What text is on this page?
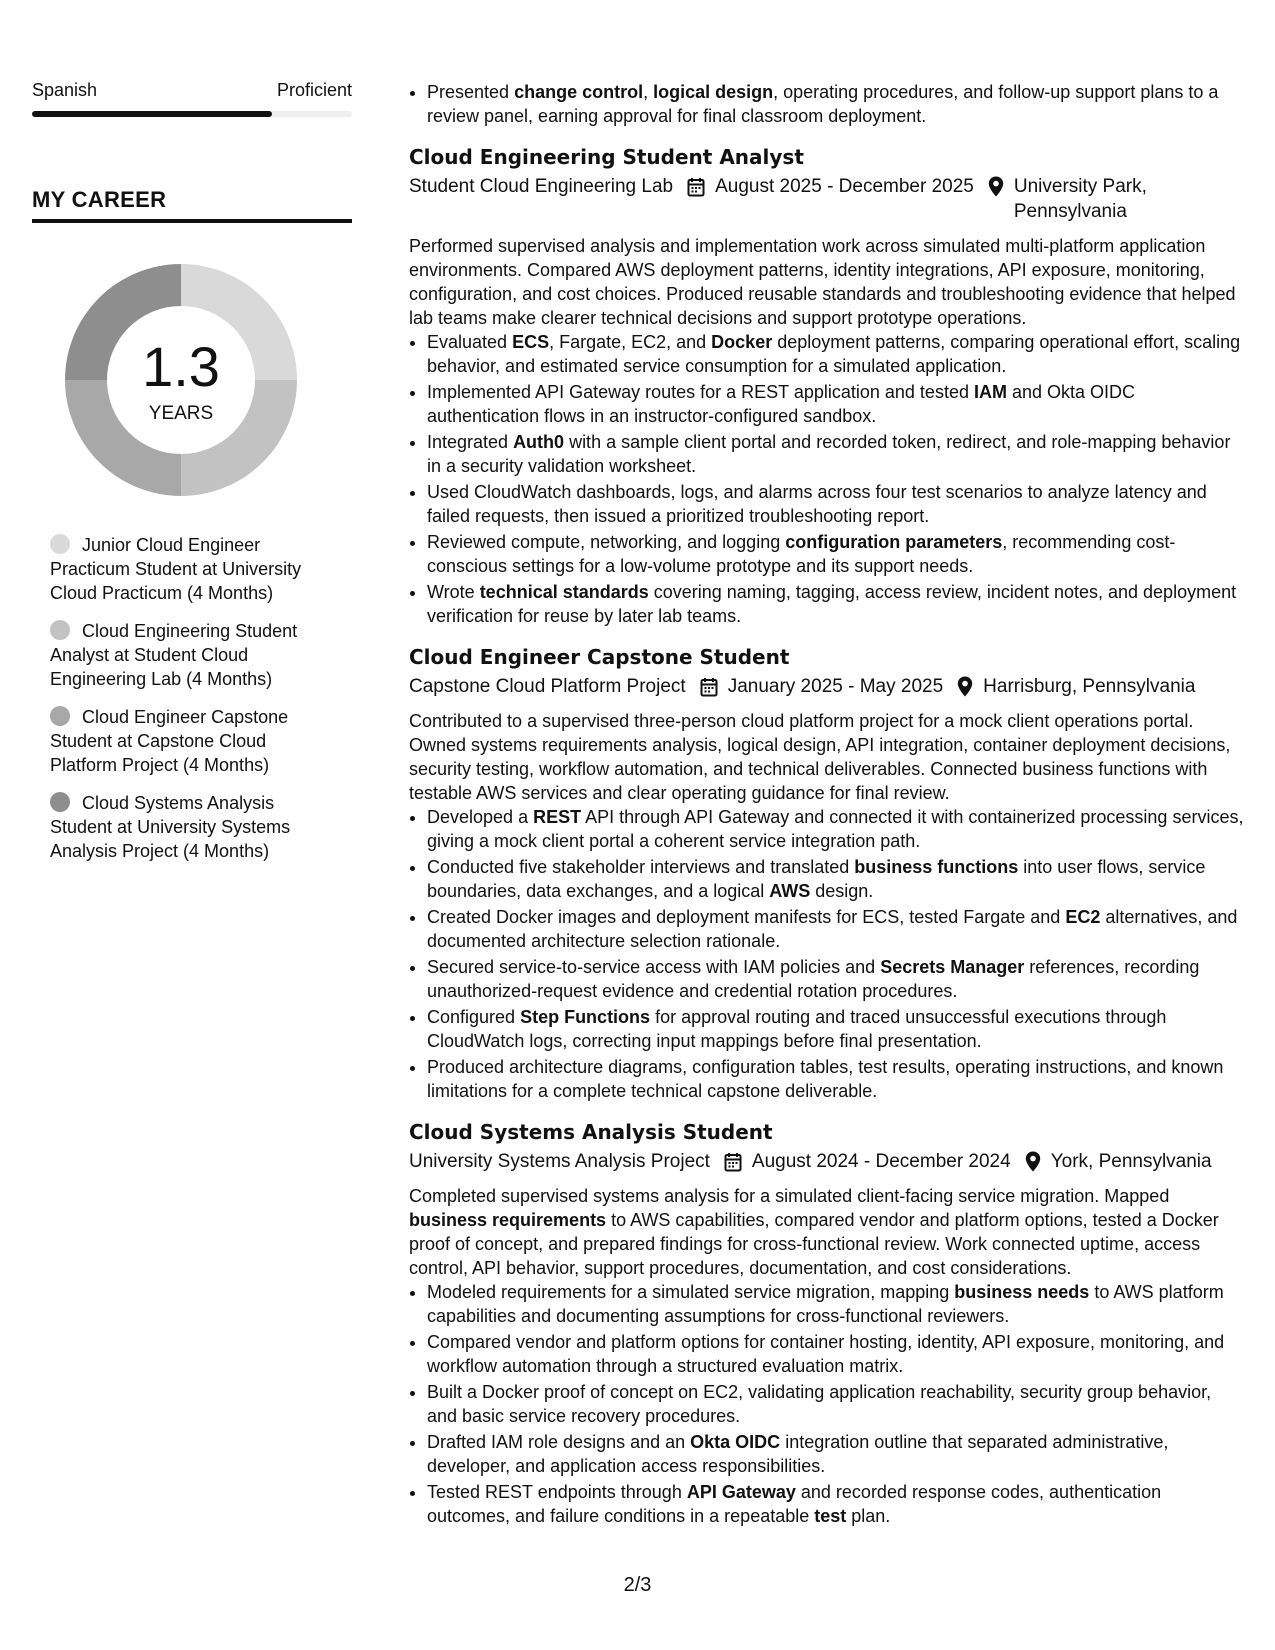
Spanish	Proficient
MY CAREER
1.3
YEARS
Junior Cloud Engineer Practicum Student at University Cloud Practicum (4 Months)
Cloud Engineering Student Analyst at Student Cloud Engineering Lab (4 Months)
Cloud Engineer Capstone Student at Capstone Cloud Platform Project (4 Months)
Cloud Systems Analysis Student at University Systems Analysis Project (4 Months)
• Presented change control, logical design, operating procedures, and follow-up support plans to a review panel, earning approval for final classroom deployment.
Cloud Engineering Student Analyst
Student Cloud Engineering Lab August 2025 - December 2025 University Park, Pennsylvania
Performed supervised analysis and implementation work across simulated multi-platform application environments. Compared AWS deployment patterns, identity integrations, API exposure, monitoring, configuration, and cost choices. Produced reusable standards and troubleshooting evidence that helped lab teams make clearer technical decisions and support prototype operations.
• Evaluated ECS, Fargate, EC2, and Docker deployment patterns, comparing operational effort, scaling behavior, and estimated service consumption for a simulated application.
• Implemented API Gateway routes for a REST application and tested IAM and Okta OIDC authentication flows in an instructor-configured sandbox.
• Integrated Auth0 with a sample client portal and recorded token, redirect, and role-mapping behavior in a security validation worksheet.
• Used CloudWatch dashboards, logs, and alarms across four test scenarios to analyze latency and failed requests, then issued a prioritized troubleshooting report.
• Reviewed compute, networking, and logging configuration parameters, recommending cost-conscious settings for a low-volume prototype and its support needs.
• Wrote technical standards covering naming, tagging, access review, incident notes, and deployment verification for reuse by later lab teams.
Cloud Engineer Capstone Student
Capstone Cloud Platform Project January 2025 - May 2025 Harrisburg, Pennsylvania
Contributed to a supervised three-person cloud platform project for a mock client operations portal. Owned systems requirements analysis, logical design, API integration, container deployment decisions, security testing, workflow automation, and technical deliverables. Connected business functions with testable AWS services and clear operating guidance for final review.
• Developed a REST API through API Gateway and connected it with containerized processing services, giving a mock client portal a coherent service integration path.
• Conducted five stakeholder interviews and translated business functions into user flows, service boundaries, data exchanges, and a logical AWS design.
• Created Docker images and deployment manifests for ECS, tested Fargate and EC2 alternatives, and documented architecture selection rationale.
• Secured service-to-service access with IAM policies and Secrets Manager references, recording unauthorized-request evidence and credential rotation procedures.
• Configured Step Functions for approval routing and traced unsuccessful executions through CloudWatch logs, correcting input mappings before final presentation.
• Produced architecture diagrams, configuration tables, test results, operating instructions, and known limitations for a complete technical capstone deliverable.
Cloud Systems Analysis Student
University Systems Analysis Project August 2024 - December 2024 York, Pennsylvania
Completed supervised systems analysis for a simulated client-facing service migration. Mapped business requirements to AWS capabilities, compared vendor and platform options, tested a Docker proof of concept, and prepared findings for cross-functional review. Work connected uptime, access control, API behavior, support procedures, documentation, and cost considerations.
• Modeled requirements for a simulated service migration, mapping business needs to AWS platform capabilities and documenting assumptions for cross-functional reviewers.
• Compared vendor and platform options for container hosting, identity, API exposure, monitoring, and workflow automation through a structured evaluation matrix.
• Built a Docker proof of concept on EC2, validating application reachability, security group behavior, and basic service recovery procedures.
• Drafted IAM role designs and an Okta OIDC integration outline that separated administrative, developer, and application access responsibilities.
• Tested REST endpoints through API Gateway and recorded response codes, authentication outcomes, and failure conditions in a repeatable test plan.
2/3
